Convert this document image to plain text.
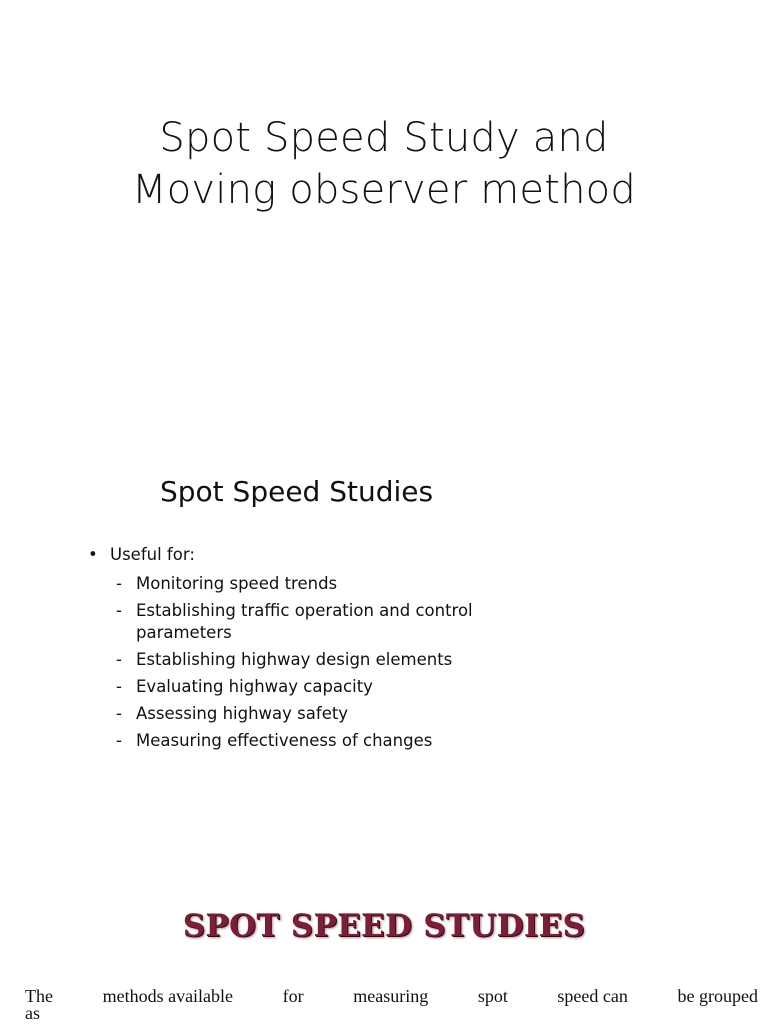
Spot Speed Study and
Moving observer method
Spot Speed Studies
• Useful for:
- Monitoring speed trends
- Establishing traffic operation and control parameters
- Establishing highway design elements
- Evaluating highway capacity
- Assessing highway safety
- Measuring effectiveness of changes
SPOT SPEED STUDIES
The	methods available	for	measuring	spot	speed can	be grouped
as
